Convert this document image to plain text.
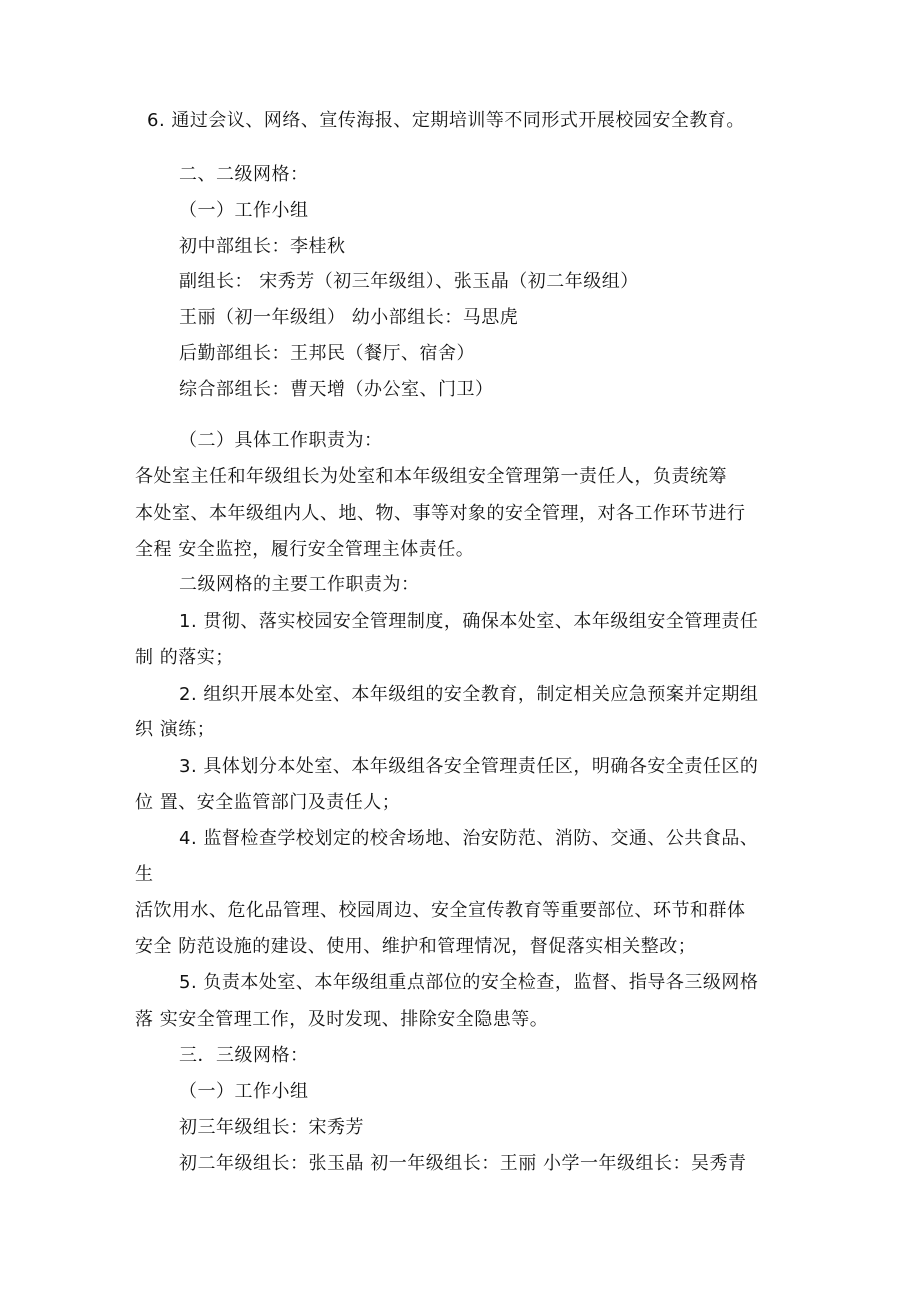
6. 通过会议、网络、宣传海报、定期培训等不同形式开展校园安全教育。
二、二级网格：
（一）工作小组
初中部组长：李桂秋
副组长： 宋秀芳（初三年级组）、张玉晶（初二年级组）
王丽（初一年级组） 幼小部组长：马思虎
后勤部组长：王邦民（餐厅、宿舍）
综合部组长：曹天增（办公室、门卫）
（二）具体工作职责为：
各处室主任和年级组长为处室和本年级组安全管理第一责任人，负责统筹
本处室、本年级组内人、地、物、事等对象的安全管理，对各工作环节进行
全程 安全监控，履行安全管理主体责任。
二级网格的主要工作职责为：
1. 贯彻、落实校园安全管理制度，确保本处室、本年级组安全管理责任
制 的落实；
2. 组织开展本处室、本年级组的安全教育，制定相关应急预案并定期组
织 演练；
3. 具体划分本处室、本年级组各安全管理责任区，明确各安全责任区的
位 置、安全监管部门及责任人；
4. 监督检查学校划定的校舍场地、治安防范、消防、交通、公共食品、
生
活饮用水、危化品管理、校园周边、安全宣传教育等重要部位、环节和群体
安全 防范设施的建设、使用、维护和管理情况，督促落实相关整改；
5. 负责本处室、本年级组重点部位的安全检查，监督、指导各三级网格
落 实安全管理工作，及时发现、排除安全隐患等。
三．三级网格：
（一）工作小组
初三年级组长：宋秀芳
初二年级组长：张玉晶 初一年级组长：王丽 小学一年级组长：吴秀青
